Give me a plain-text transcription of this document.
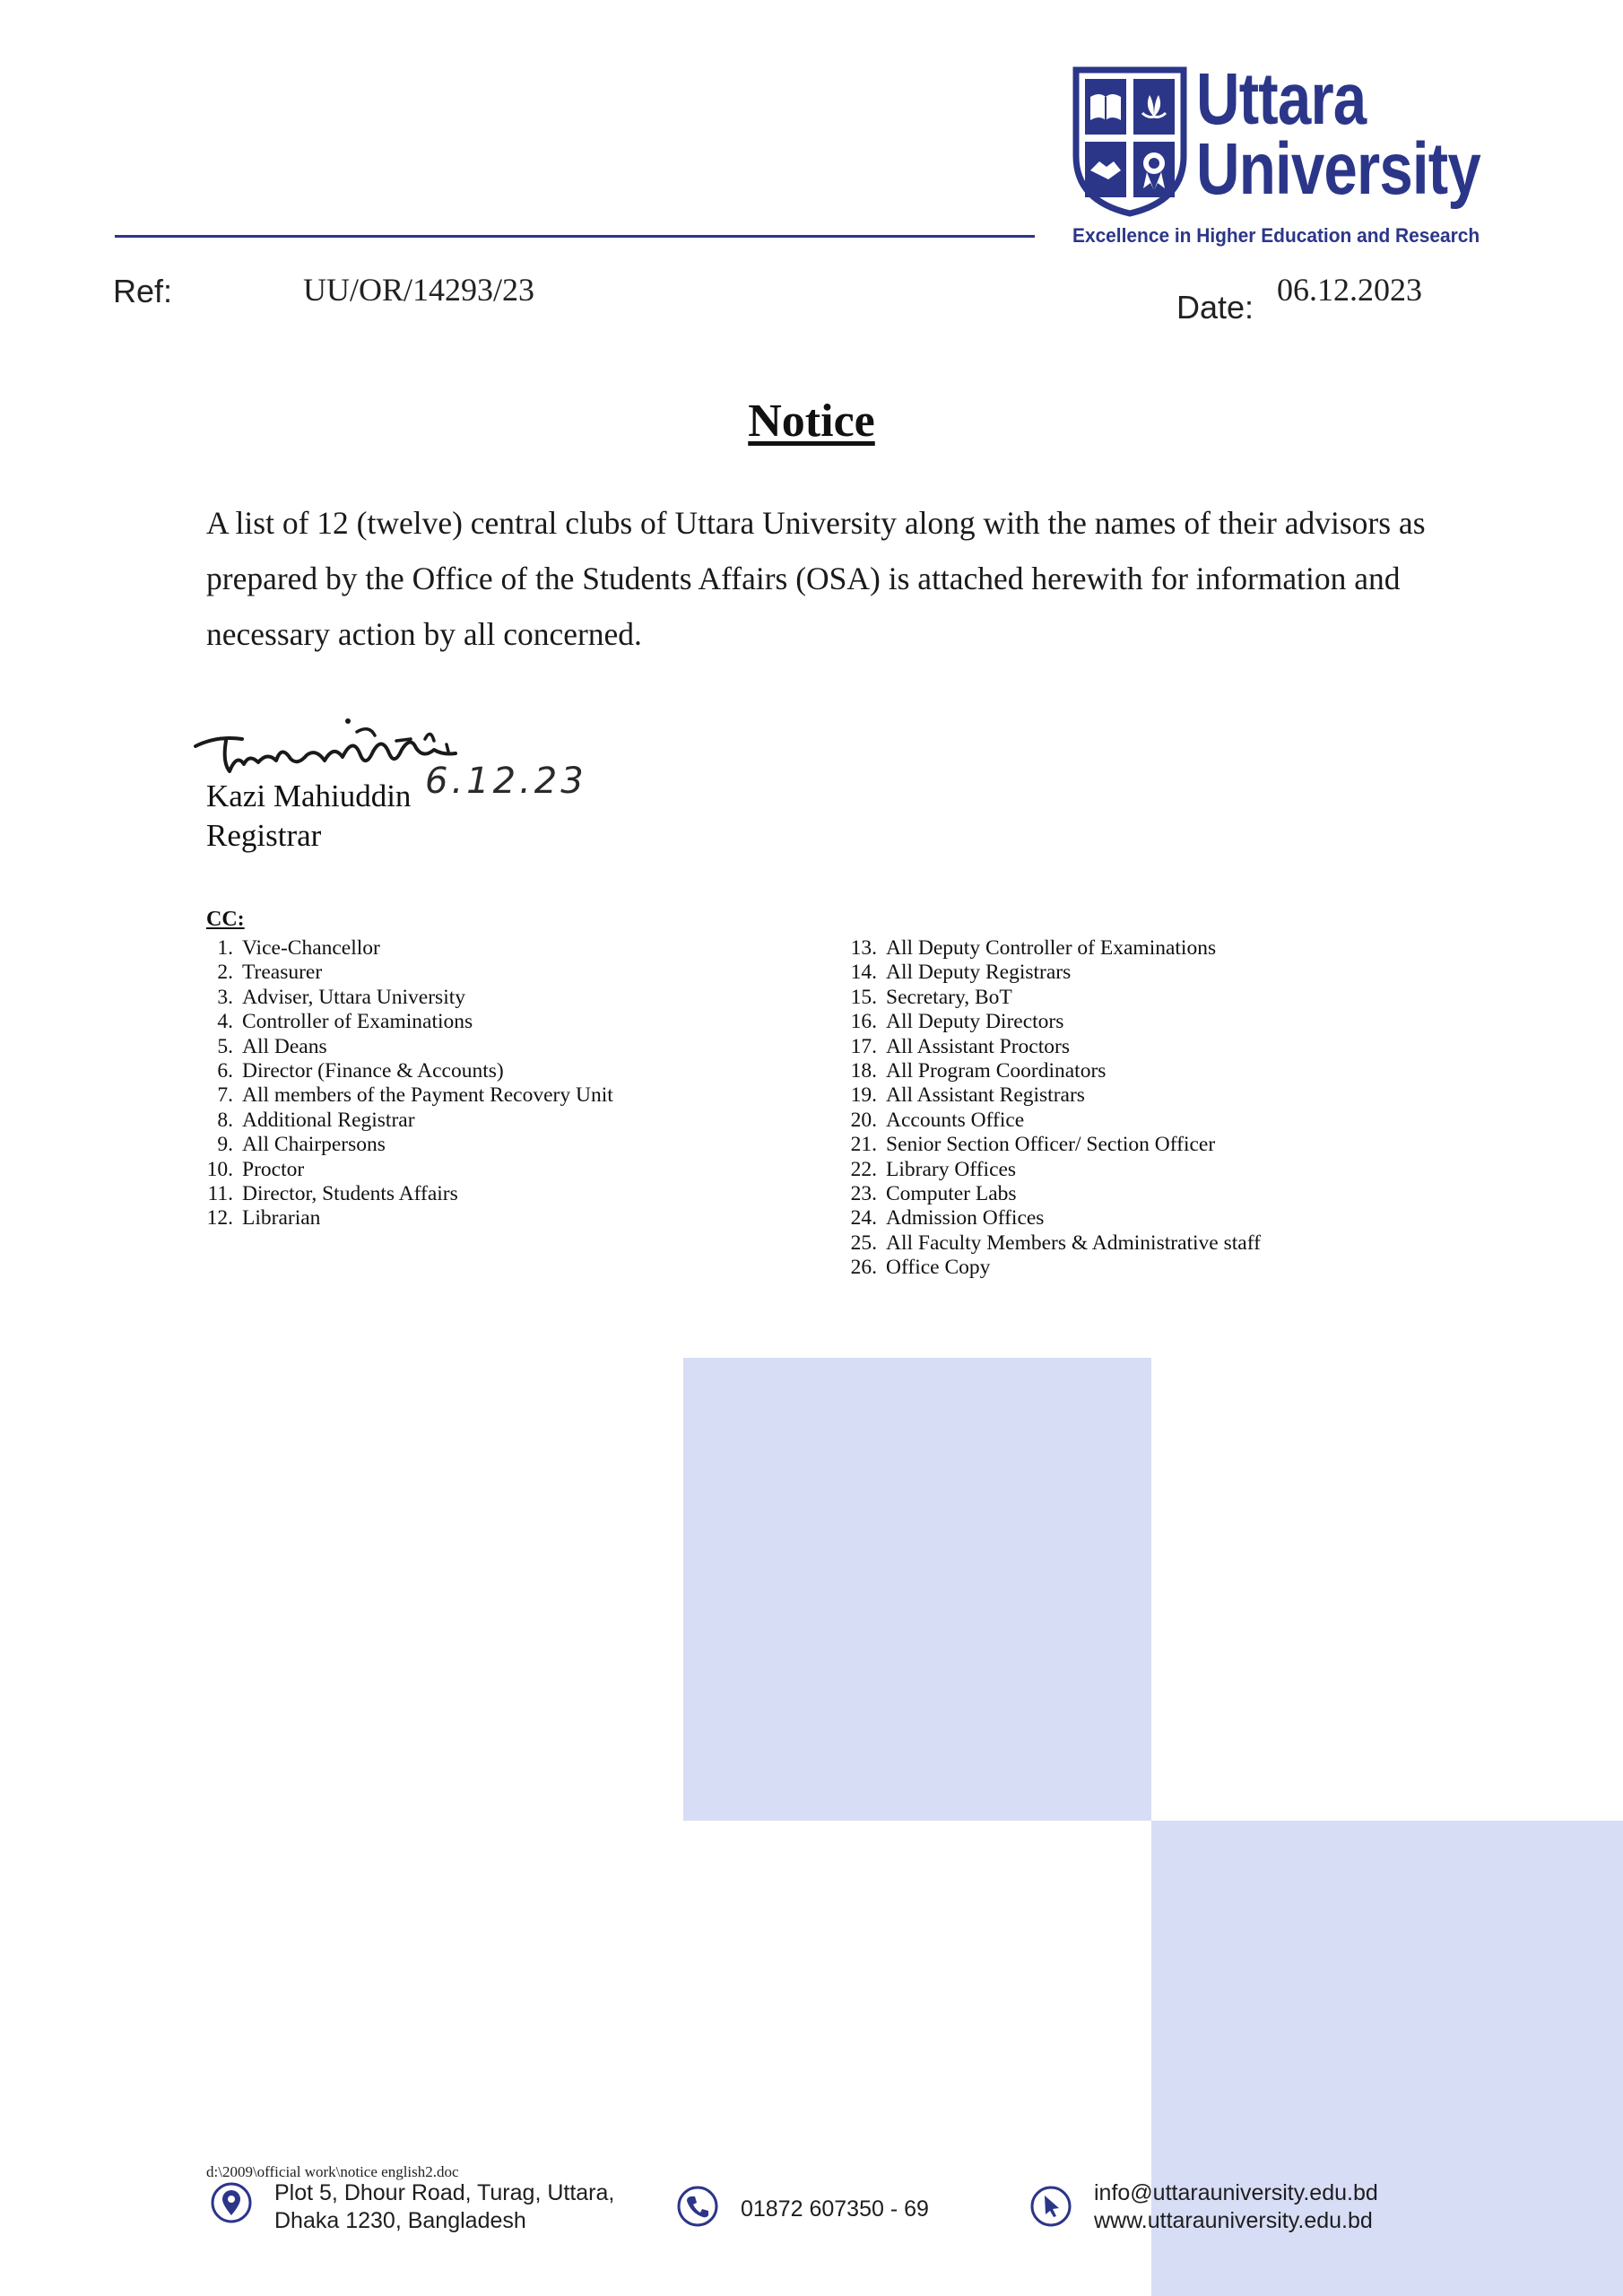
Uttara
University
Excellence in Higher Education and Research
Ref:	UU/OR/14293/23	Date: 06.12.2023
Notice
A list of 12 (twelve) central clubs of Uttara University along with the names of their advisors as prepared by the Office of the Students Affairs (OSA) is attached herewith for information and necessary action by all concerned.
6.12.23
Kazi Mahiuddin
Registrar
CC:
1. Vice-Chancellor
2. Treasurer
3. Adviser, Uttara University
4. Controller of Examinations
5. All Deans
6. Director (Finance & Accounts)
7. All members of the Payment Recovery Unit
8. Additional Registrar
9. All Chairpersons
10. Proctor
11. Director, Students Affairs
12. Librarian
13. All Deputy Controller of Examinations
14. All Deputy Registrars
15. Secretary, BoT
16. All Deputy Directors
17. All Assistant Proctors
18. All Program Coordinators
19. All Assistant Registrars
20. Accounts Office
21. Senior Section Officer/ Section Officer
22. Library Offices
23. Computer Labs
24. Admission Offices
25. All Faculty Members & Administrative staff
26. Office Copy
d:\2009\official work\notice english2.doc
Plot 5, Dhour Road, Turag, Uttara,
Dhaka 1230, Bangladesh	01872 607350 - 69
info@uttarauniversity.edu.bd
www.uttarauniversity.edu.bd
